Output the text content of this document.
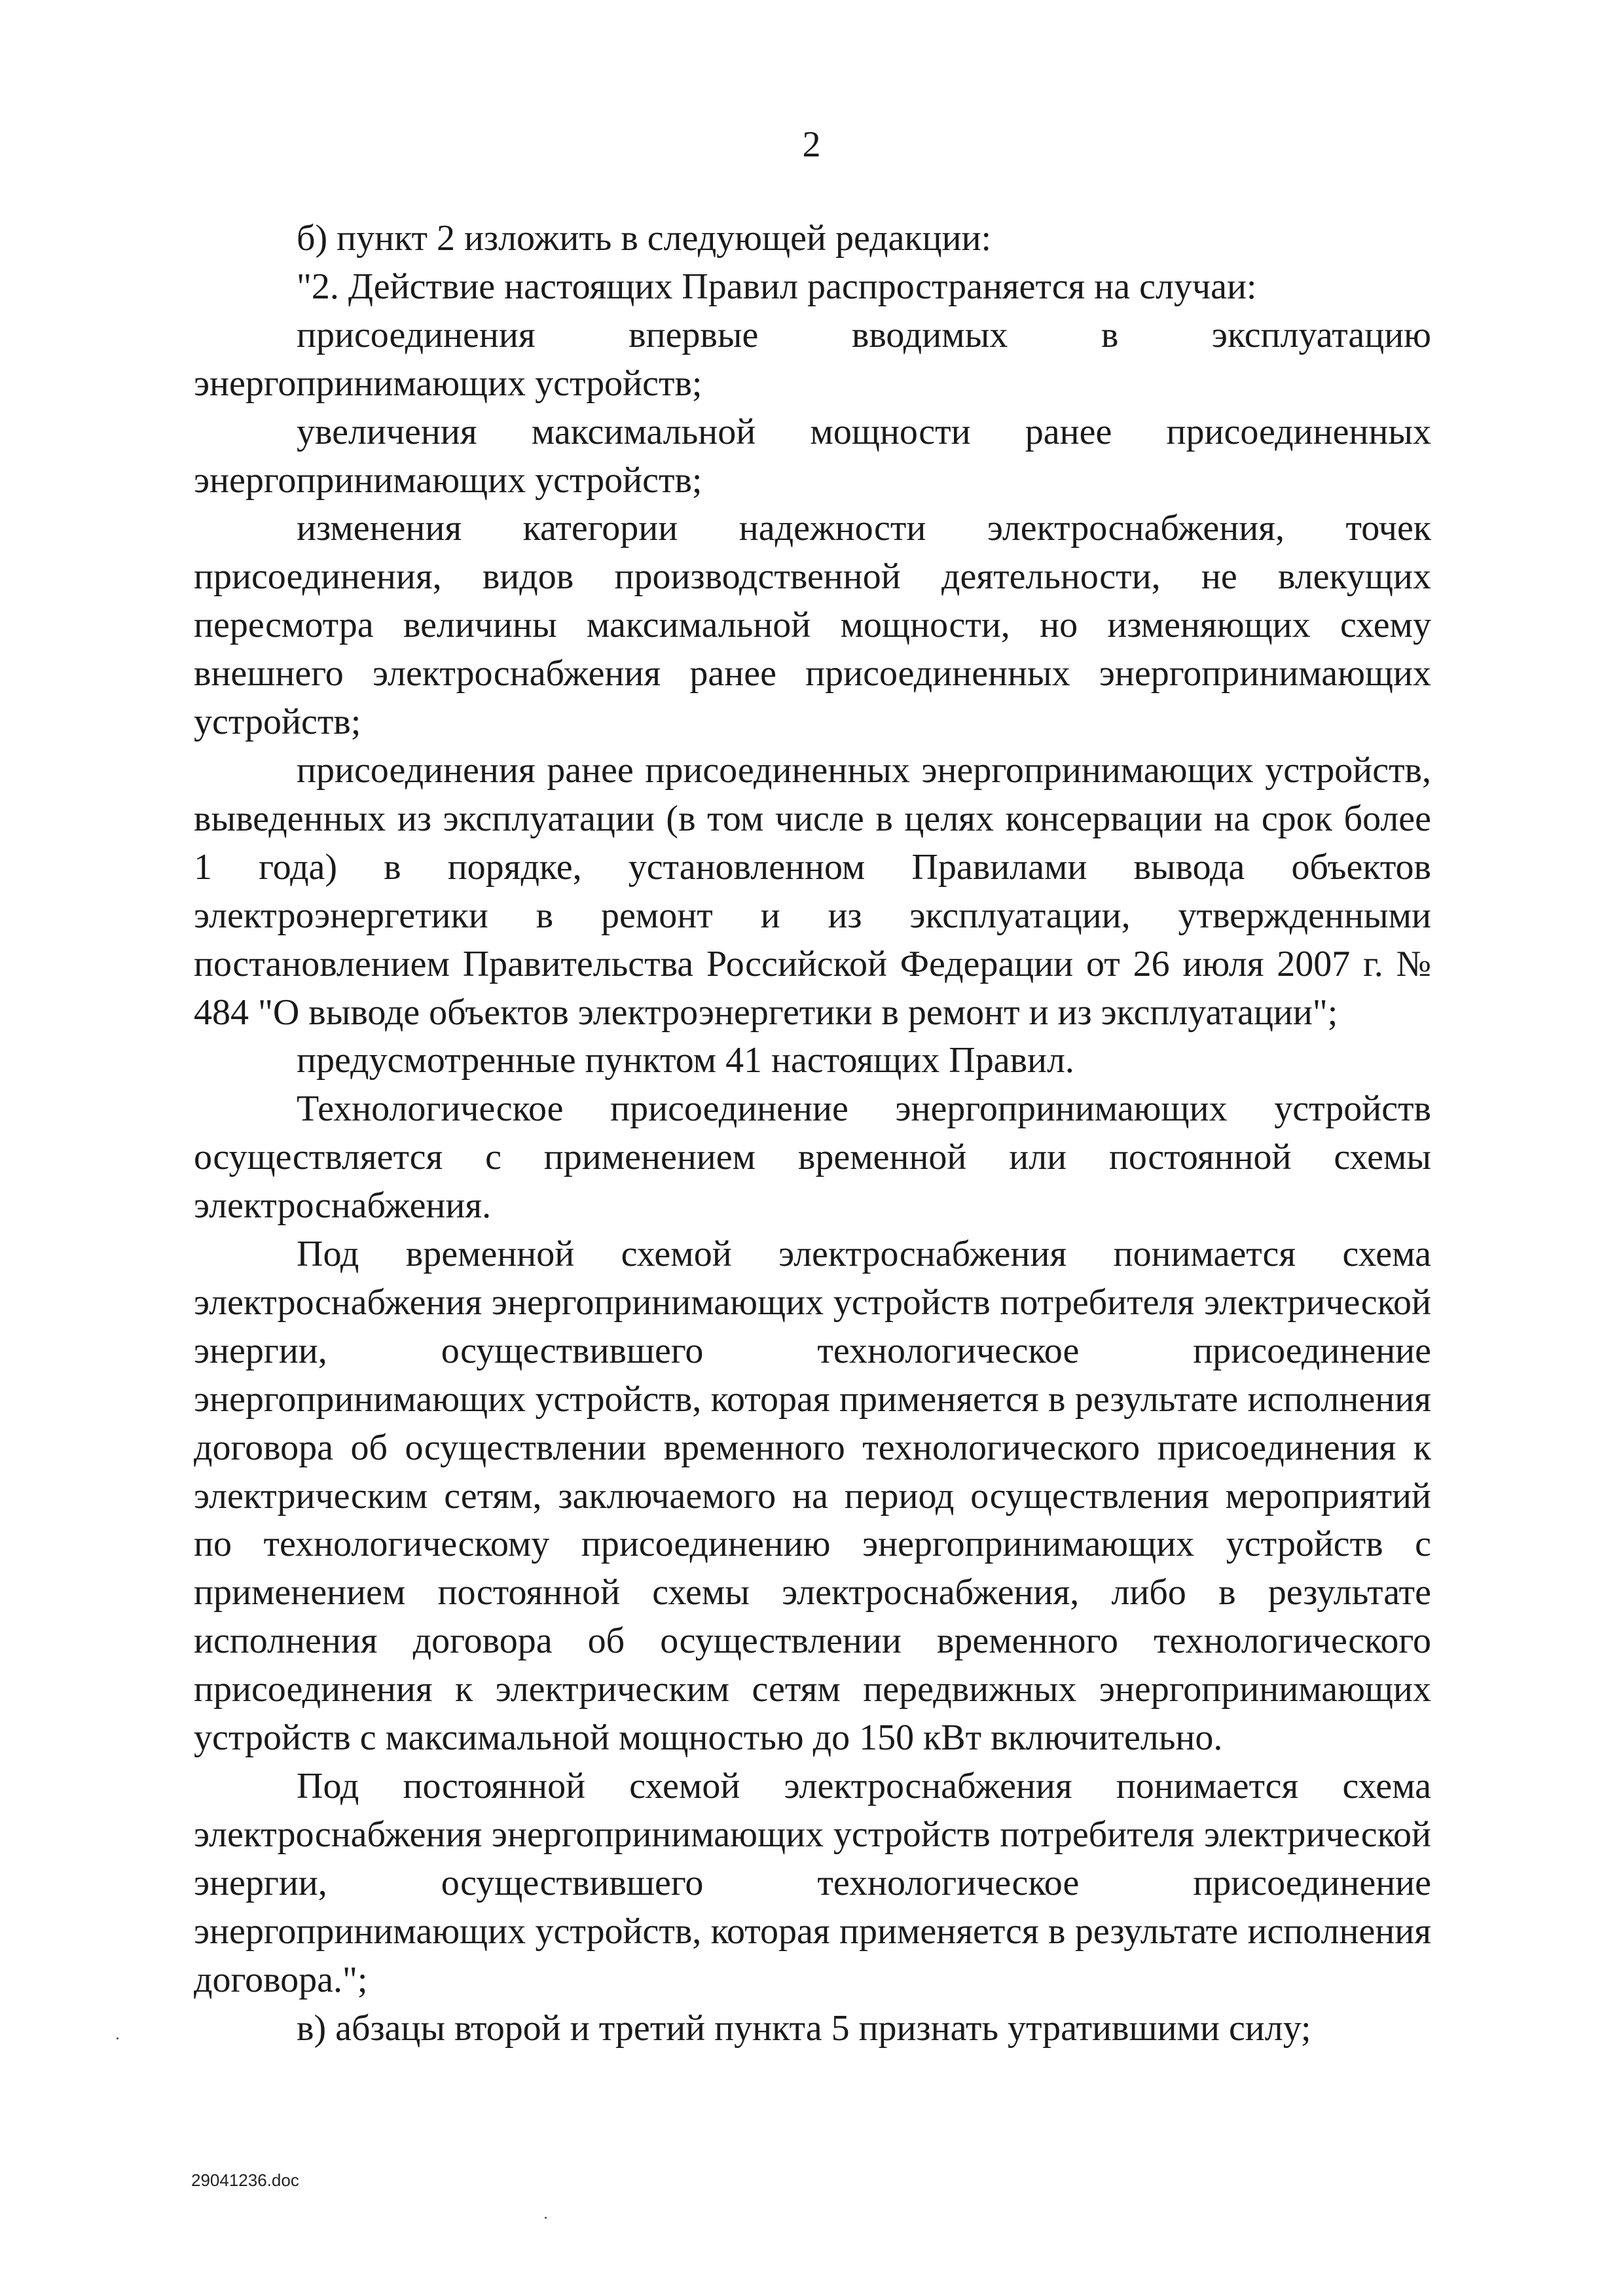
2

б) пункт 2 изложить в следующей редакции:

"2. Действие настоящих Правил распространяется на случаи:

присоединения впервые вводимых в эксплуатацию энергопринимающих устройств;

увеличения максимальной мощности ранее присоединенных энергопринимающих устройств;

изменения категории надежности электроснабжения, точек присоединения, видов производственной деятельности, не влекущих пересмотра величины максимальной мощности, но изменяющих схему внешнего электроснабжения ранее присоединенных энергопринимающих устройств;

присоединения ранее присоединенных энергопринимающих устройств, выведенных из эксплуатации (в том числе в целях консервации на срок более 1 года) в порядке, установленном Правилами вывода объектов электроэнергетики в ремонт и из эксплуатации, утвержденными постановлением Правительства Российской Федерации от 26 июля 2007 г. № 484 "О выводе объектов электроэнергетики в ремонт и из эксплуатации";

предусмотренные пунктом 41 настоящих Правил.

Технологическое присоединение энергопринимающих устройств осуществляется с применением временной или постоянной схемы электроснабжения.

Под временной схемой электроснабжения понимается схема электроснабжения энергопринимающих устройств потребителя электрической энергии, осуществившего технологическое присоединение энергопринимающих устройств, которая применяется в результате исполнения договора об осуществлении временного технологического присоединения к электрическим сетям, заключаемого на период осуществления мероприятий по технологическому присоединению энергопринимающих устройств с применением постоянной схемы электроснабжения, либо в результате исполнения договора об осуществлении временного технологического присоединения к электрическим сетям передвижных энергопринимающих устройств с максимальной мощностью до 150 кВт включительно.

Под постоянной схемой электроснабжения понимается схема электроснабжения энергопринимающих устройств потребителя электрической энергии, осуществившего технологическое присоединение энергопринимающих устройств, которая применяется в результате исполнения договора.";

в) абзацы второй и третий пункта 5 признать утратившими силу;

29041236.doc
